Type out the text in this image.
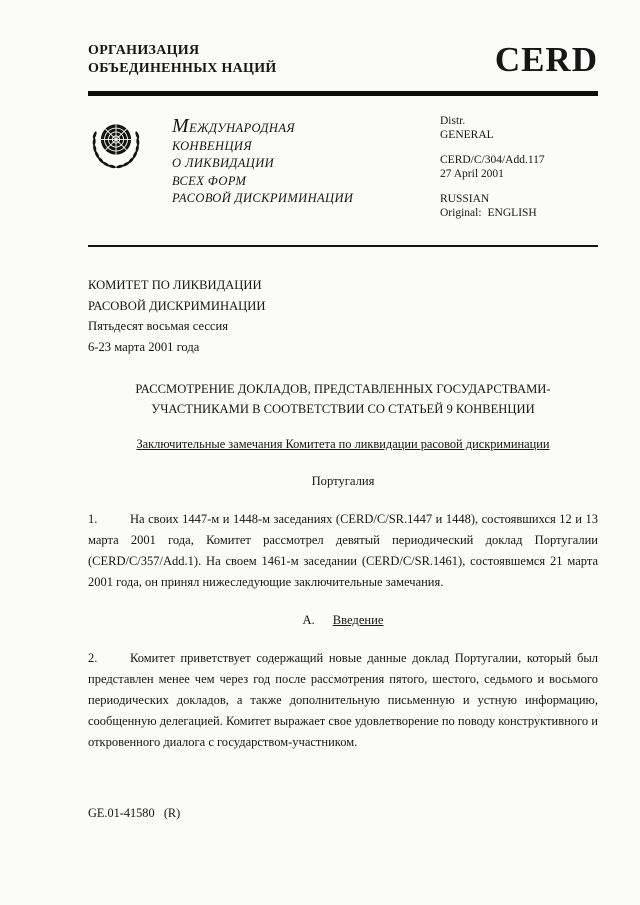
ОРГАНИЗАЦИЯ
ОБЪЕДИНЕННЫХ НАЦИЙ	CERD
МЕЖДУНАРОДНАЯ
КОНВЕНЦИЯ
О ЛИКВИДАЦИИ
ВСЕХ ФОРМ
РАСОВОЙ ДИСКРИМИНАЦИИ
Distr.
GENERAL
CERD/C/304/Add.117
27 April 2001
RUSSIAN
Original: ENGLISH
КОМИТЕТ ПО ЛИКВИДАЦИИ
РАСОВОЙ ДИСКРИМИНАЦИИ
Пятьдесят восьмая сессия
6-23 марта 2001 года
РАССМОТРЕНИЕ ДОКЛАДОВ, ПРЕДСТАВЛЕННЫХ ГОСУДАРСТВАМИ-
УЧАСТНИКАМИ В СООТВЕТСТВИИ СО СТАТЬЕЙ 9 КОНВЕНЦИИ
Заключительные замечания Комитета по ликвидации расовой дискриминации
Португалия

1.	На своих 1447-м и 1448-м заседаниях (CERD/C/SR.1447 и 1448), состоявшихся 12 и 13 марта 2001 года, Комитет рассмотрел девятый периодический доклад Португалии (CERD/C/357/Add.1). На своем 1461-м заседании (CERD/C/SR.1461), состоявшемся 21 марта 2001 года, он принял нижеследующие заключительные замечания.

A. Введение

2.	Комитет приветствует содержащий новые данные доклад Португалии, который был представлен менее чем через год после рассмотрения пятого, шестого, седьмого и восьмого периодических докладов, а также дополнительную письменную и устную информацию, сообщенную делегацией. Комитет выражает свое удовлетворение по поводу конструктивного и откровенного диалога с государством-участником.

GE.01-41580   (R)
